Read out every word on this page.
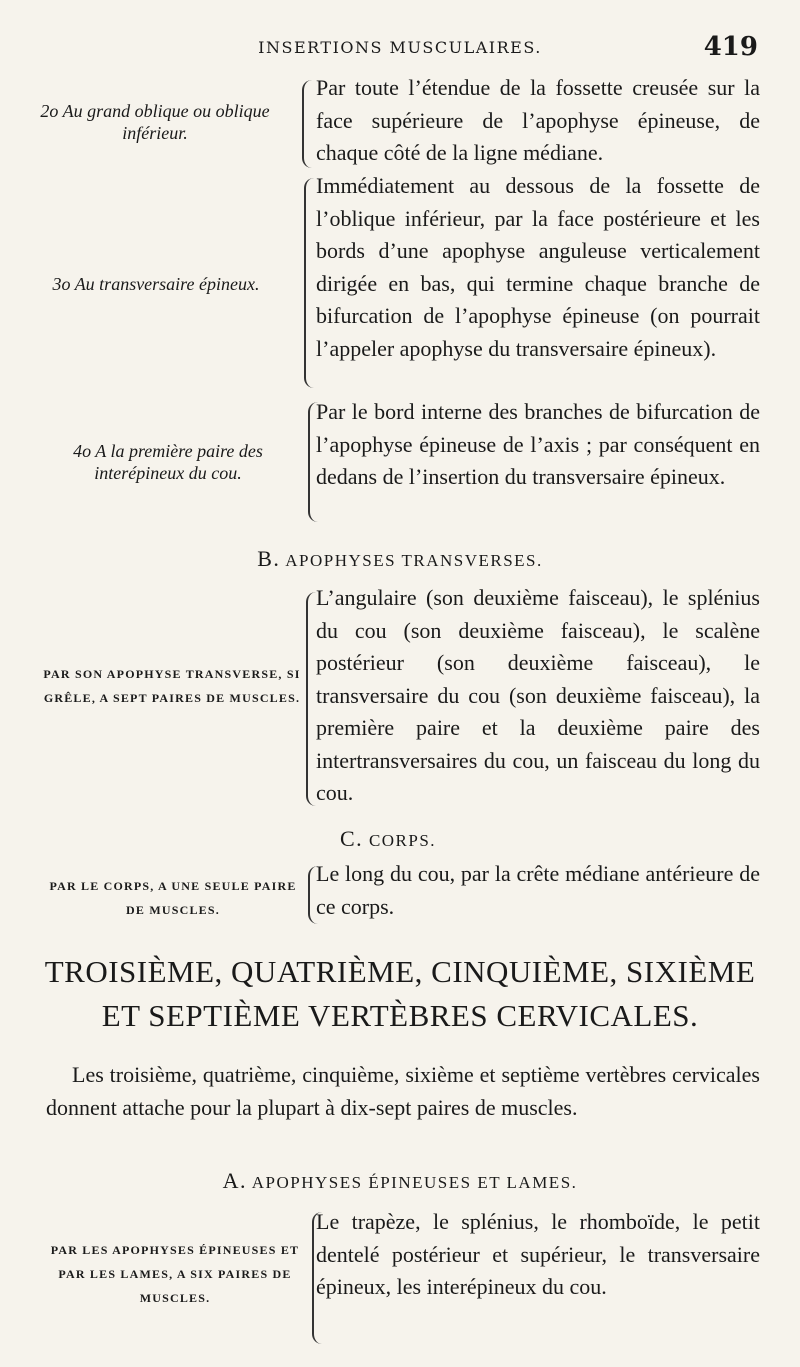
INSERTIONS MUSCULAIRES.	419
2o Au grand oblique ou oblique inférieur.
Par toute l’étendue de la fossette creusée sur la face supérieure de l’apophyse épineuse, de chaque côté de la ligne médiane.
3o Au transversaire épineux.
Immédiatement au dessous de la fossette de l’oblique inférieur, par la face postérieure et les bords d’une apophyse anguleuse verticalement dirigée en bas, qui termine chaque branche de bifurcation de l’apophyse épineuse (on pourrait l’appeler apophyse du transversaire épineux).
4o A la première paire des interépineux du cou.
Par le bord interne des branches de bifurcation de l’apophyse épineuse de l’axis ; par conséquent en dedans de l’insertion du transversaire épineux.
B. APOPHYSES TRANSVERSES.
PAR SON APOPHYSE TRANSVERSE, SI GRÊLE, A SEPT PAIRES DE MUSCLES.
L’angulaire (son deuxième faisceau), le splénius du cou (son deuxième faisceau), le scalène postérieur (son deuxième faisceau), le transversaire du cou (son deuxième faisceau), la première paire et la deuxième paire des intertransversaires du cou, un faisceau du long du cou.
C. CORPS.
PAR LE CORPS, A UNE SEULE PAIRE DE MUSCLES.
Le long du cou, par la crête médiane antérieure de ce corps.
TROISIÈME, QUATRIÈME, CINQUIÈME, SIXIÈME
ET SEPTIÈME VERTÈBRES CERVICALES.
Les troisième, quatrième, cinquième, sixième et septième vertèbres cervicales donnent attache pour la plupart à dix-sept paires de muscles.
A. APOPHYSES ÉPINEUSES ET LAMES.
PAR LES APOPHYSES ÉPINEUSES ET PAR LES LAMES, A SIX PAIRES DE MUSCLES.
Le trapèze, le splénius, le rhomboïde, le petit dentelé postérieur et supérieur, le transversaire épineux, les interépineux du cou.
